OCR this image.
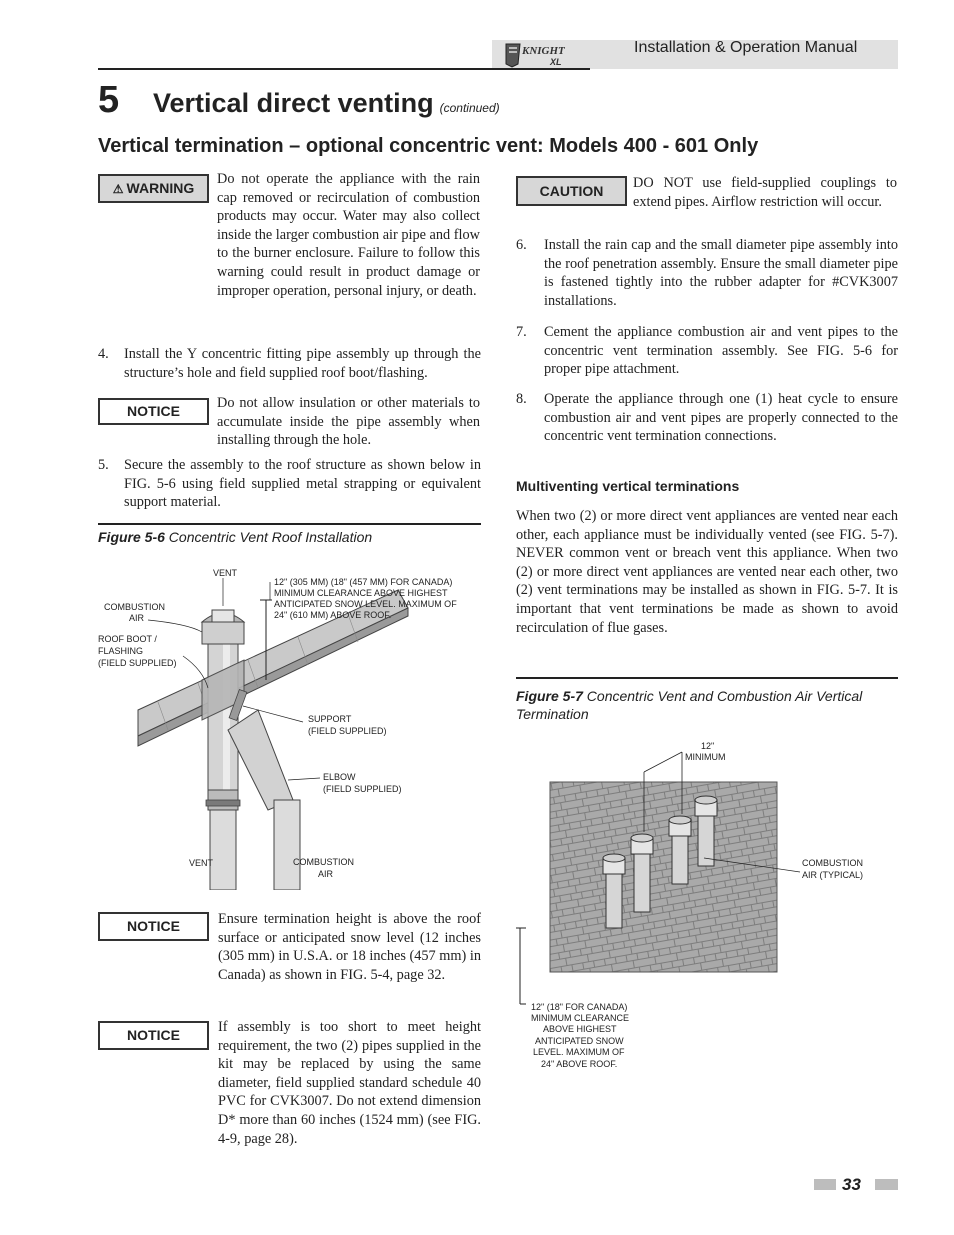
KNIGHT
XL
Installation & Operation Manual
5 Vertical direct venting (continued)
Vertical termination – optional concentric vent: Models 400 - 601 Only
⚠ WARNING
Do not operate the appliance with the rain cap removed or recirculation of combustion products may occur. Water may also collect inside the larger combustion air pipe and flow to the burner enclosure. Failure to follow this warning could result in product damage or improper operation, personal injury, or death.
4. Install the Y concentric fitting pipe assembly up through the structure’s hole and field supplied roof boot/flashing.
NOTICE	Do not allow insulation or other materials to accumulate inside the pipe assembly when installing through the hole.
5. Secure the assembly to the roof structure as shown below in FIG. 5-6 using field supplied metal strapping or equivalent support material.
Figure 5-6 Concentric Vent Roof Installation
VENT
12" (305 MM) (18" (457 MM) FOR CANADA)
MINIMUM CLEARANCE ABOVE HIGHEST
ANTICIPATED SNOW LEVEL. MAXIMUM OF
24" (610 MM) ABOVE ROOF.
COMBUSTION
AIR
ROOF BOOT /
FLASHING
(FIELD SUPPLIED)
SUPPORT
(FIELD SUPPLIED)
ELBOW
(FIELD SUPPLIED)
VENT	COMBUSTION
AIR
NOTICE	Ensure termination height is above the roof surface or anticipated snow level (12 inches (305 mm) in U.S.A. or 18 inches (457 mm) in Canada) as shown in FIG. 5-4, page 32.
NOTICE	If assembly is too short to meet height requirement, the two (2) pipes supplied in the kit may be replaced by using the same diameter, field supplied standard schedule 40 PVC for CVK3007. Do not extend dimension D* more than 60 inches (1524 mm) (see FIG. 4-9, page 28).
CAUTION	DO NOT use field-supplied couplings to extend pipes. Airflow restriction will occur.
6. Install the rain cap and the small diameter pipe assembly into the roof penetration assembly. Ensure the small diameter pipe is fastened tightly into the rubber adapter for #CVK3007 installations.
7. Cement the appliance combustion air and vent pipes to the concentric vent termination assembly. See FIG. 5-6 for proper pipe attachment.
8. Operate the appliance through one (1) heat cycle to ensure combustion air and vent pipes are properly connected to the concentric vent termination connections.
Multiventing vertical terminations
When two (2) or more direct vent appliances are vented near each other, each appliance must be individually vented (see FIG. 5-7). NEVER common vent or breach vent this appliance. When two (2) or more direct vent appliances are vented near each other, two (2) vent terminations may be installed as shown in FIG. 5-7. It is important that vent terminations be made as shown to avoid recirculation of flue gases.
Figure 5-7 Concentric Vent and Combustion Air Vertical Termination
12"
MINIMUM
COMBUSTION
AIR (TYPICAL)
12" (18" FOR CANADA)
MINIMUM CLEARANCE
ABOVE HIGHEST
ANTICIPATED SNOW
LEVEL. MAXIMUM OF
24" ABOVE ROOF.
33
